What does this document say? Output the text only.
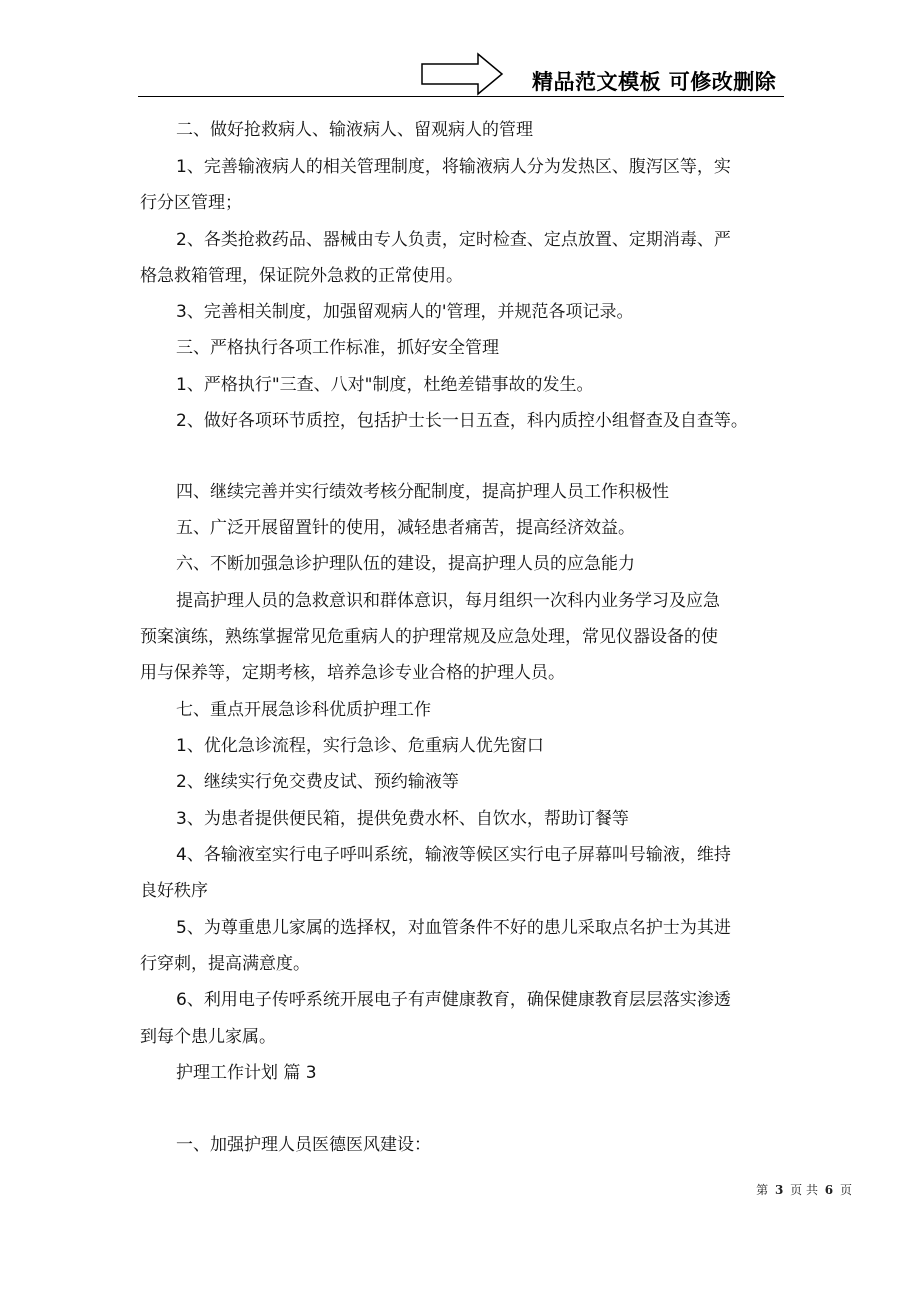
精品范文模板 可修改删除
二、做好抢救病人、输液病人、留观病人的管理
1、完善输液病人的相关管理制度，将输液病人分为发热区、腹泻区等，实
行分区管理；
2、各类抢救药品、器械由专人负责，定时检查、定点放置、定期消毒、严
格急救箱管理，保证院外急救的正常使用。
3、完善相关制度，加强留观病人的'管理，并规范各项记录。
三、严格执行各项工作标准，抓好安全管理
1、严格执行"三查、八对"制度，杜绝差错事故的发生。
2、做好各项环节质控，包括护士长一日五查，科内质控小组督查及自查等。
四、继续完善并实行绩效考核分配制度，提高护理人员工作积极性
五、广泛开展留置针的使用，减轻患者痛苦，提高经济效益。
六、不断加强急诊护理队伍的建设，提高护理人员的应急能力
提高护理人员的急救意识和群体意识，每月组织一次科内业务学习及应急
预案演练，熟练掌握常见危重病人的护理常规及应急处理，常见仪器设备的使
用与保养等，定期考核，培养急诊专业合格的护理人员。
七、重点开展急诊科优质护理工作
1、优化急诊流程，实行急诊、危重病人优先窗口
2、继续实行免交费皮试、预约输液等
3、为患者提供便民箱，提供免费水杯、自饮水，帮助订餐等
4、各输液室实行电子呼叫系统，输液等候区实行电子屏幕叫号输液，维持
良好秩序
5、为尊重患儿家属的选择权，对血管条件不好的患儿采取点名护士为其进
行穿刺，提高满意度。
6、利用电子传呼系统开展电子有声健康教育，确保健康教育层层落实渗透
到每个患儿家属。
护理工作计划 篇 3
一、加强护理人员医德医风建设：
第 3 页 共 6 页
